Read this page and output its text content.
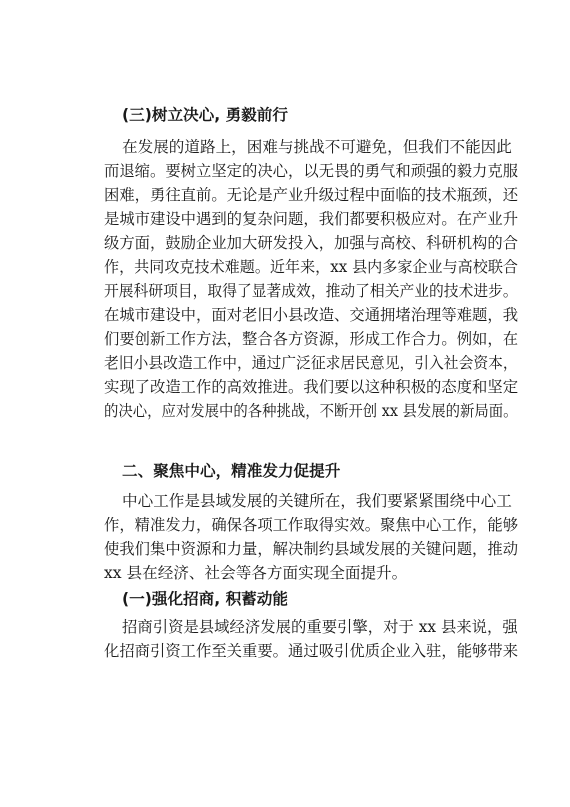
(三)树立决心, 勇毅前行
在发展的道路上，困难与挑战不可避免，但我们不能因此
而退缩。要树立坚定的决心，以无畏的勇气和顽强的毅力克服
困难，勇往直前。无论是产业升级过程中面临的技术瓶颈，还
是城市建设中遇到的复杂问题，我们都要积极应对。在产业升
级方面，鼓励企业加大研发投入，加强与高校、科研机构的合
作，共同攻克技术难题。近年来，xx 县内多家企业与高校联合
开展科研项目，取得了显著成效，推动了相关产业的技术进步。
在城市建设中，面对老旧小县改造、交通拥堵治理等难题，我
们要创新工作方法，整合各方资源，形成工作合力。例如，在
老旧小县改造工作中，通过广泛征求居民意见，引入社会资本，
实现了改造工作的高效推进。我们要以这种积极的态度和坚定
的决心，应对发展中的各种挑战，不断开创 xx 县发展的新局面。
二、聚焦中心，精准发力促提升
中心工作是县域发展的关键所在，我们要紧紧围绕中心工
作，精准发力，确保各项工作取得实效。聚焦中心工作，能够
使我们集中资源和力量，解决制约县域发展的关键问题，推动
xx 县在经济、社会等各方面实现全面提升。
(一)强化招商, 积蓄动能
招商引资是县域经济发展的重要引擎，对于 xx 县来说，强
化招商引资工作至关重要。通过吸引优质企业入驻，能够带来
